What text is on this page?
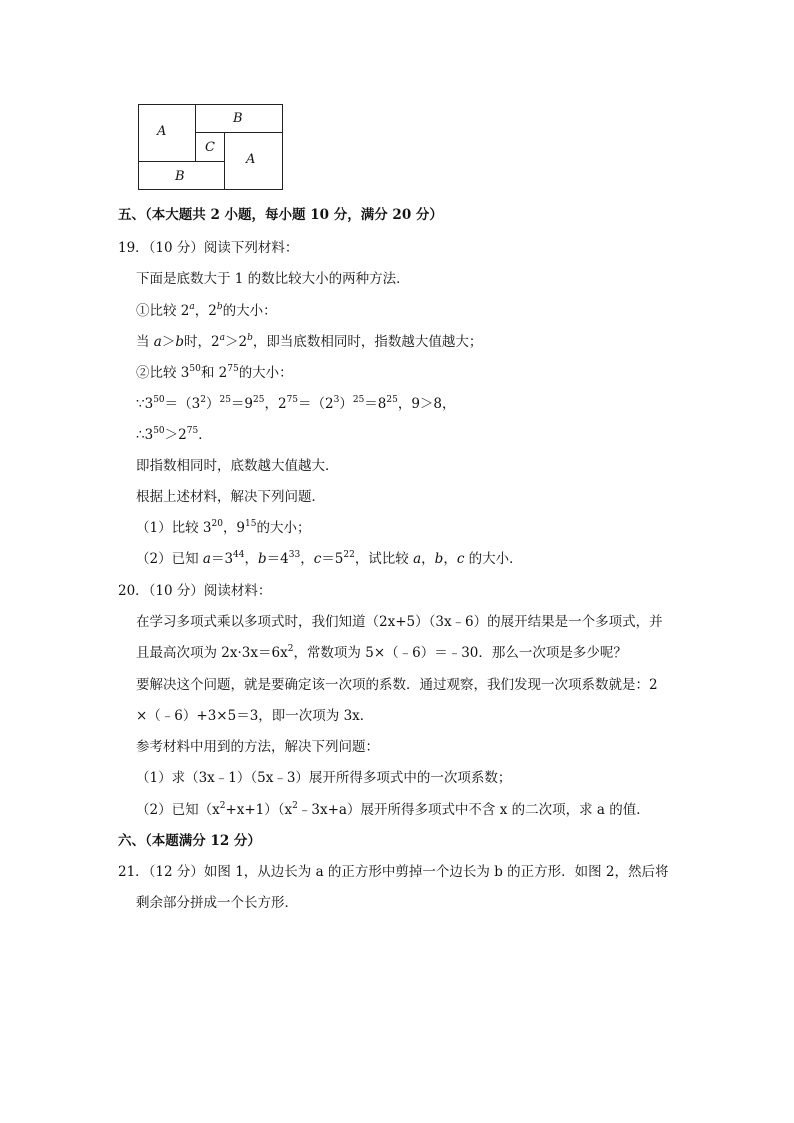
A
B
C
B
A
五、（本大题共 2 小题，每小题 10 分，满分 20 分）
19．（10 分）阅读下列材料：
下面是底数大于 1 的数比较大小的两种方法．
①比较 2$^a$，2$^b$的大小：
当 a＞b时，$2^a>2^b$，即当底数相同时，指数越大值越大；
②比较 $3^{50}$和 $2^{75}$的大小：
$\because 3^{50}=(3^2)^{25}=9^{25}$，$2^{75}=(2^3)^{25}=8^{25}$，9＞8，
$\therefore 3^{50}>2^{75}$．
即指数相同时，底数越大值越大．
根据上述材料，解决下列问题．
（1）比较 $3^{20}$，$9^{15}$的大小；
（2）已知 $a=3^{44}$，$b=4^{33}$，$c=5^{22}$，试比较 a，b，c 的大小．
20．（10 分）阅读材料：
在学习多项式乘以多项式时，我们知道（2x+5）（3x﹣6）的展开结果是一个多项式，并
且最高次项为 $2x\cdot 3x=6x^2$，常数项为 5×（﹣6）＝﹣30．那么一次项是多少呢？
要解决这个问题，就是要确定该一次项的系数．通过观察，我们发现一次项系数就是：2
×（﹣6）+3×5＝3，即一次项为 3x．
参考材料中用到的方法，解决下列问题：
（1）求（3x﹣1）（5x﹣3）展开所得多项式中的一次项系数；
（2）已知$(x^2+x+1)(x^2﹣3x+a)$展开所得多项式中不含 x 的二次项，求 a 的值．
六、（本题满分 12 分）
21．（12 分）如图 1，从边长为 a 的正方形中剪掉一个边长为 b 的正方形．如图 2，然后将
剩余部分拼成一个长方形．
